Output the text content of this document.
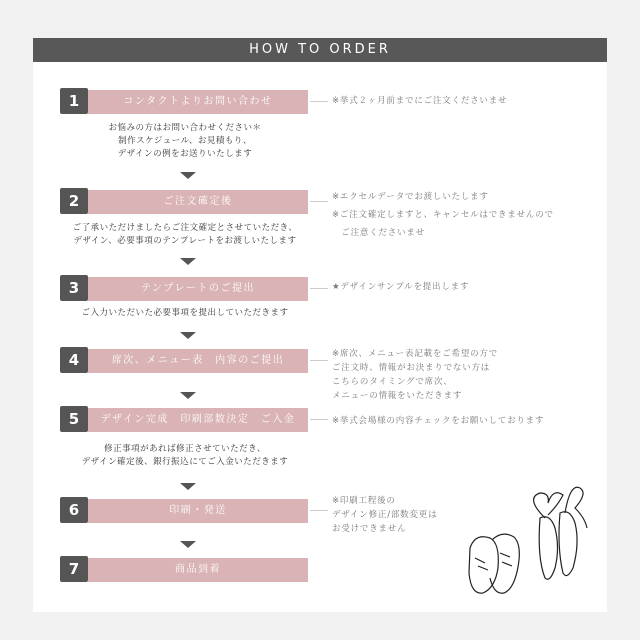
HOW TO ORDER
1	コンタクトよりお問い合わせ
お悩みの方はお問い合わせください＊
制作スケジュール、お見積もり、
デザインの例をお送りいたします
※挙式２ヶ月前までにご注文くださいませ
2	ご注文確定後
ご了承いただけましたらご注文確定とさせていただき、
デザイン、必要事項のテンプレートをお渡しいたします
※エクセルデータでお渡しいたします
※ご注文確定しますと、キャンセルはできませんので
　ご注意くださいませ
3	テンプレートのご提出
ご入力いただいた必要事項を提出していただきます
★デザインサンプルを提出します
4	席次、メニュー表　内容のご提出
※席次、メニュー表記載をご希望の方で
ご注文時、情報がお決まりでない方は
こちらのタイミングで席次、
メニューの情報をいただきます
5	デザイン完成　印刷部数決定　ご入金
修正事項があれば修正させていただき、
デザイン確定後、銀行振込にてご入金いただきます
※挙式会場様の内容チェックをお願いしております
6	印刷・発送
※印刷工程後の
デザイン修正/部数変更は
お受けできません
7	商品到着
